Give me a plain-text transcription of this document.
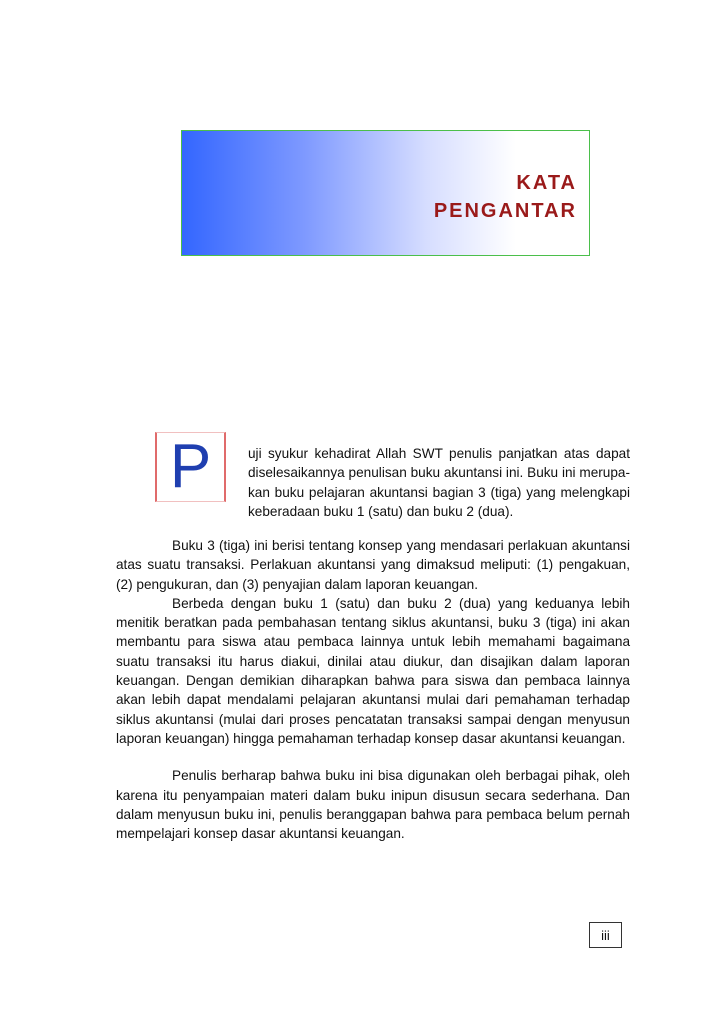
KATA
PENGANTAR
P	uji syukur kehadirat Allah SWT penulis panjatkan atas dapat diselesaikannya penulisan buku akuntansi ini. Buku ini merupa-kan buku pelajaran akuntansi bagian 3 (tiga) yang melengkapi keberadaan buku 1 (satu) dan buku 2 (dua).

Buku 3 (tiga) ini berisi tentang konsep yang mendasari perlakuan akuntansi atas suatu transaksi. Perlakuan akuntansi yang dimaksud meliputi: (1) pengakuan, (2) pengukuran, dan (3) penyajian dalam laporan keuangan.

Berbeda dengan buku 1 (satu) dan buku 2 (dua) yang keduanya lebih menitik beratkan pada pembahasan tentang siklus akuntansi, buku 3 (tiga) ini akan membantu para siswa atau pembaca lainnya untuk lebih memahami bagaimana suatu transaksi itu harus diakui, dinilai atau diukur, dan disajikan dalam laporan keuangan. Dengan demikian diharapkan bahwa para siswa dan pembaca lainnya akan lebih dapat mendalami pelajaran akuntansi mulai dari pemahaman terhadap siklus akuntansi (mulai dari proses pencatatan transaksi sampai dengan menyusun laporan keuangan) hingga pemahaman terhadap konsep dasar akuntansi keuangan.

Penulis berharap bahwa buku ini bisa digunakan oleh berbagai pihak, oleh karena itu penyampaian materi dalam buku inipun disusun secara sederhana. Dan dalam menyusun buku ini, penulis beranggapan bahwa para pembaca belum pernah mempelajari konsep dasar akuntansi keuangan.

iii
